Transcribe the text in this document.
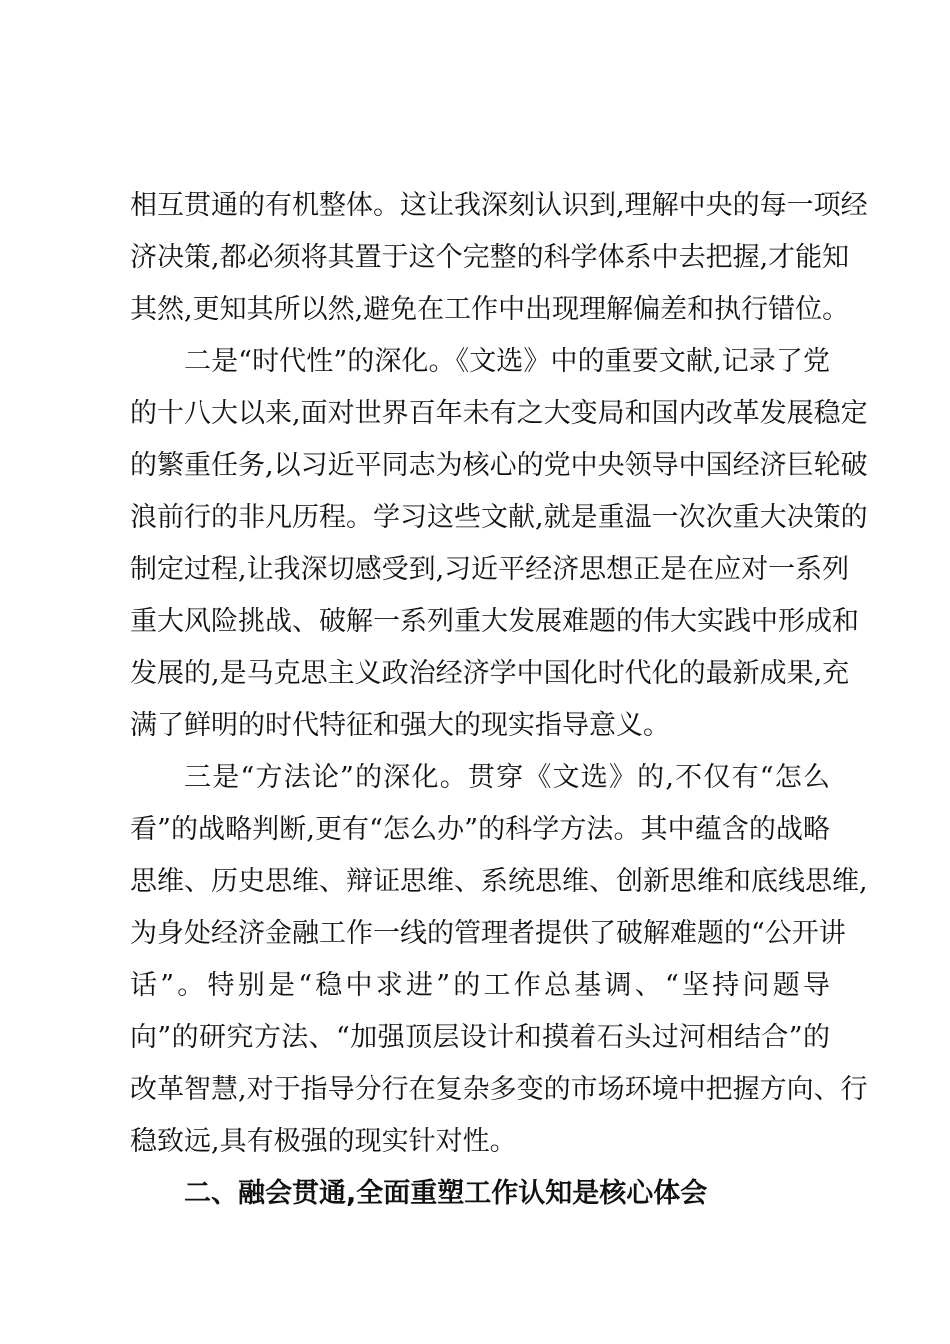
相互贯通的有机整体。这让我深刻认识到,理解中央的每一项经
济决策,都必须将其置于这个完整的科学体系中去把握,才能知
其然,更知其所以然,避免在工作中出现理解偏差和执行错位。
二是“时代性”的深化。《文选》中的重要文献,记录了党
的十八大以来,面对世界百年未有之大变局和国内改革发展稳定
的繁重任务,以习近平同志为核心的党中央领导中国经济巨轮破
浪前行的非凡历程。学习这些文献,就是重温一次次重大决策的
制定过程,让我深切感受到,习近平经济思想正是在应对一系列
重大风险挑战、破解一系列重大发展难题的伟大实践中形成和
发展的,是马克思主义政治经济学中国化时代化的最新成果,充
满了鲜明的时代特征和强大的现实指导意义。
三是“方法论”的深化。贯穿《文选》的,不仅有“怎么
看”的战略判断,更有“怎么办”的科学方法。其中蕴含的战略
思维、历史思维、辩证思维、系统思维、创新思维和底线思维,
为身处经济金融工作一线的管理者提供了破解难题的“公开讲
话”。特别是“稳中求进”的工作总基调、“坚持问题导
向”的研究方法、“加强顶层设计和摸着石头过河相结合”的
改革智慧,对于指导分行在复杂多变的市场环境中把握方向、行
稳致远,具有极强的现实针对性。
二、融会贯通,全面重塑工作认知是核心体会
